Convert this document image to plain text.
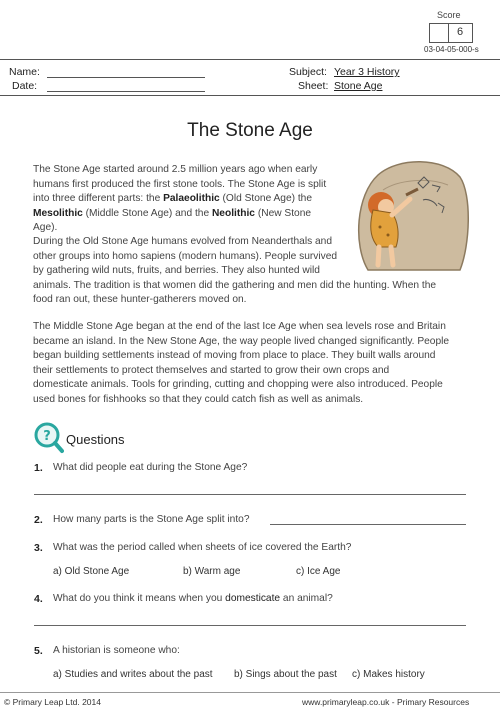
Score
6
03-04-05-000-s
Name:
Date:
Subject: Year 3 History
Sheet: Stone Age
The Stone Age
The Stone Age started around 2.5 million years ago when early
humans first produced the first stone tools. The Stone Age is split
into three different parts: the Palaeolithic (Old Stone Age) the
Mesolithic (Middle Stone Age) and the Neolithic (New Stone Age).
During the Old Stone Age humans evolved from Neanderthals and
other groups into homo sapiens (modern humans). People survived
by gathering wild nuts, fruits, and berries. They also hunted wild
animals. The tradition is that women did the gathering and men did the hunting. When the
food ran out, these hunter-gatherers moved on.
The Middle Stone Age began at the end of the last Ice Age when sea levels rose and Britain
became an island. In the New Stone Age, the way people lived changed significantly. People
began building settlements instead of moving from place to place. They built walls around
their settlements to protect themselves and started to grow their own crops and
domesticate animals. Tools for grinding, cutting and chopping were also introduced. People
used bones for fishhooks so that they could catch fish as well as animals.
? Questions
1. What did people eat during the Stone Age?
2. How many parts is the Stone Age split into?
3. What was the period called when sheets of ice covered the Earth?
a) Old Stone Age	b) Warm age	c) Ice Age
4. What do you think it means when you domesticate an animal?
5. A historian is someone who:
a) Studies and writes about the past b) Sings about the past c) Makes history
© Primary Leap Ltd. 2014	www.primaryleap.co.uk - Primary Resources
